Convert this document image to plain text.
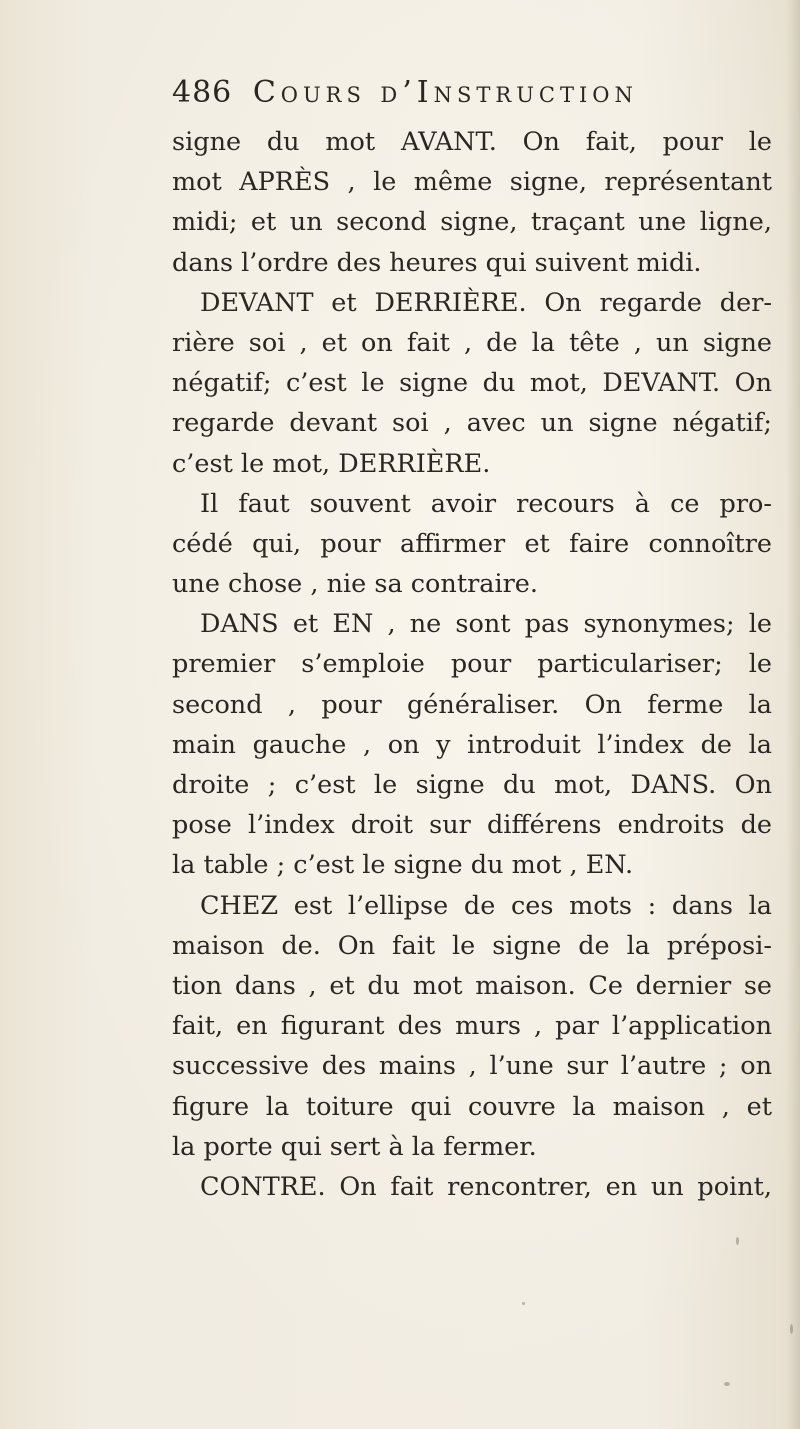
486 Cours d’Instruction
signe du mot AVANT. On fait, pour le
mot APRÈS , le même signe, représentant
midi; et un second signe, traçant une ligne,
dans l’ordre des heures qui suivent midi.
DEVANT et DERRIÈRE. On regarde der-
rière soi , et on fait , de la tête , un signe
négatif; c’est le signe du mot, DEVANT. On
regarde devant soi , avec un signe négatif;
c’est le mot, DERRIÈRE.
Il faut souvent avoir recours à ce pro-
cédé qui, pour affirmer et faire connoître
une chose , nie sa contraire.
DANS et EN , ne sont pas synonymes; le
premier s’emploie pour particulariser; le
second , pour généraliser. On ferme la
main gauche , on y introduit l’index de la
droite ; c’est le signe du mot, DANS. On
pose l’index droit sur différens endroits de
la table ; c’est le signe du mot , EN.
CHEZ est l’ellipse de ces mots : dans la
maison de. On fait le signe de la préposi-
tion dans , et du mot maison. Ce dernier se
fait, en figurant des murs , par l’application
successive des mains , l’une sur l’autre ; on
figure la toiture qui couvre la maison , et
la porte qui sert à la fermer.
CONTRE. On fait rencontrer, en un point,
